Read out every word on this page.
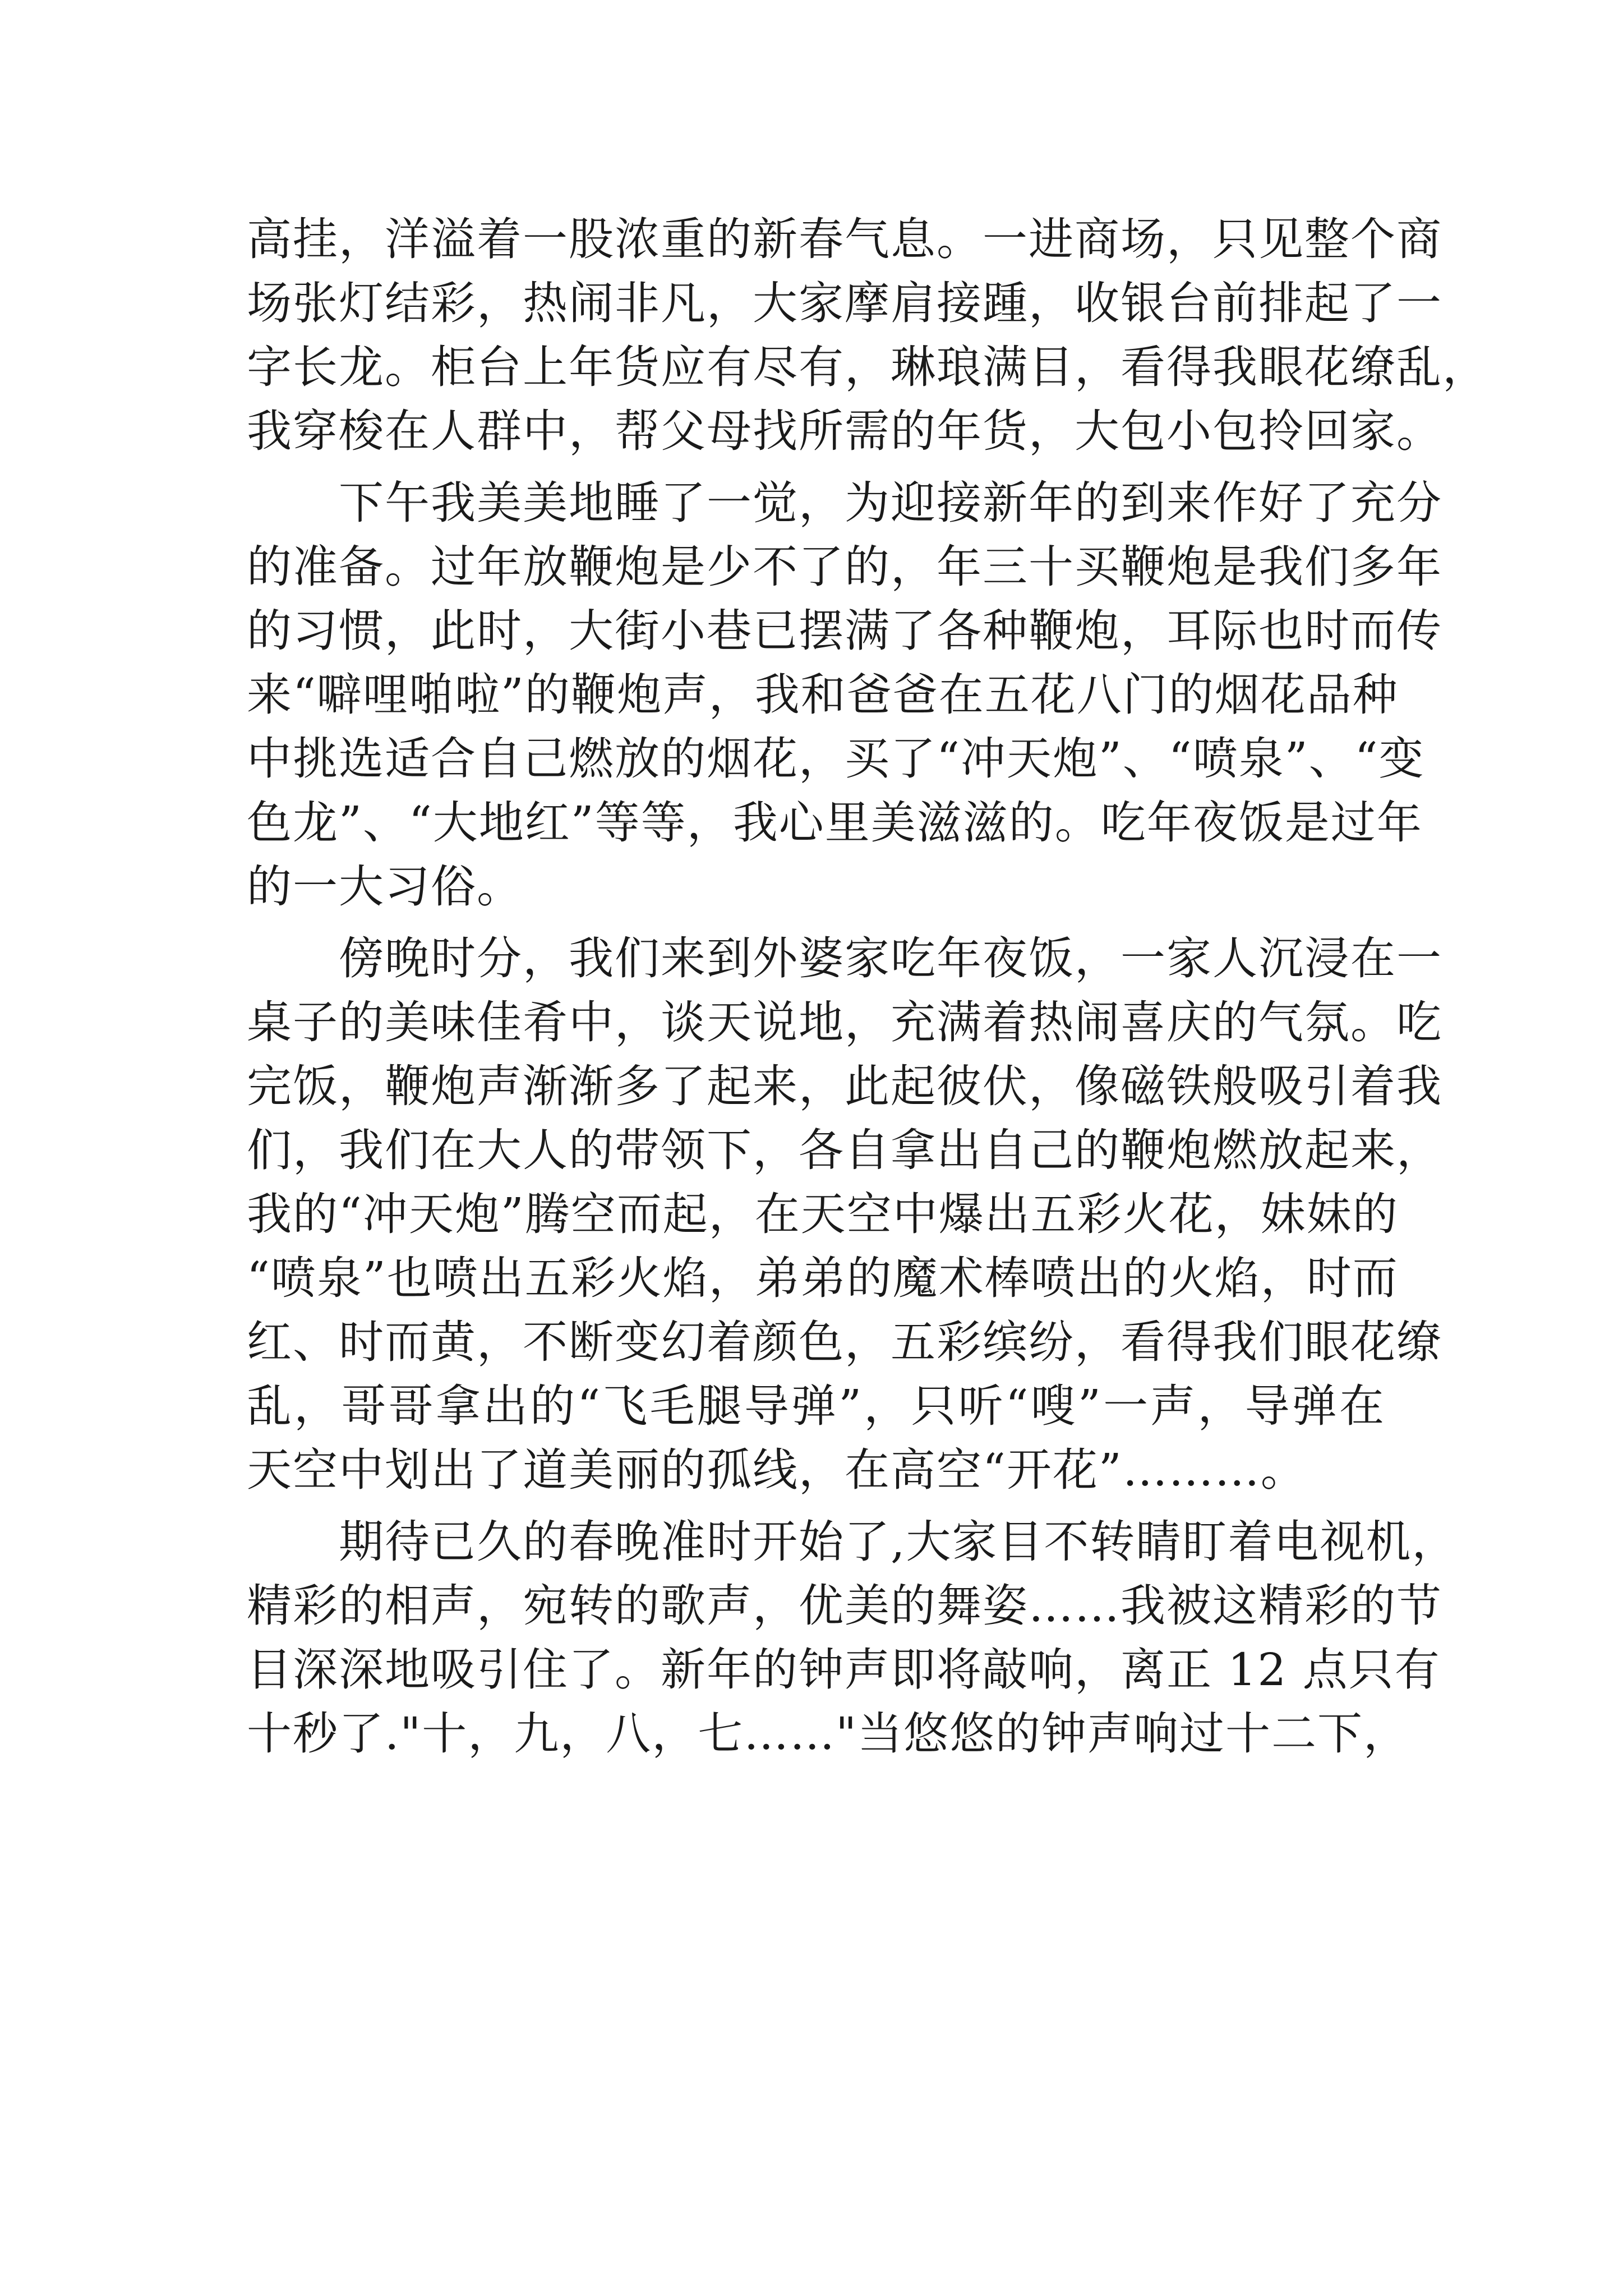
高挂，洋溢着一股浓重的新春气息。一进商场，只见整个商
场张灯结彩，热闹非凡，大家摩肩接踵，收银台前排起了一
字长龙。柜台上年货应有尽有，琳琅满目，看得我眼花缭乱，
我穿梭在人群中，帮父母找所需的年货，大包小包拎回家。
下午我美美地睡了一觉，为迎接新年的到来作好了充分
的准备。过年放鞭炮是少不了的，年三十买鞭炮是我们多年
的习惯，此时，大街小巷已摆满了各种鞭炮，耳际也时而传
来“噼哩啪啦”的鞭炮声，我和爸爸在五花八门的烟花品种
中挑选适合自己燃放的烟花，买了“冲天炮”、“喷泉”、“变
色龙”、“大地红”等等，我心里美滋滋的。吃年夜饭是过年
的一大习俗。
傍晚时分，我们来到外婆家吃年夜饭，一家人沉浸在一
桌子的美味佳肴中，谈天说地，充满着热闹喜庆的气氛。吃
完饭，鞭炮声渐渐多了起来，此起彼伏，像磁铁般吸引着我
们，我们在大人的带领下，各自拿出自己的鞭炮燃放起来，
我的“冲天炮”腾空而起，在天空中爆出五彩火花，妹妹的
“喷泉”也喷出五彩火焰，弟弟的魔术棒喷出的火焰，时而
红、时而黄，不断变幻着颜色，五彩缤纷，看得我们眼花缭
乱，哥哥拿出的“飞毛腿导弹”，只听“嗖”一声，导弹在
天空中划出了道美丽的孤线，在高空“开花”………。
期待已久的春晚准时开始了,大家目不转睛盯着电视机，
精彩的相声，宛转的歌声，优美的舞姿……我被这精彩的节
目深深地吸引住了。新年的钟声即将敲响，离正 12 点只有
十秒了."十，九，八，七……"当悠悠的钟声响过十二下，
